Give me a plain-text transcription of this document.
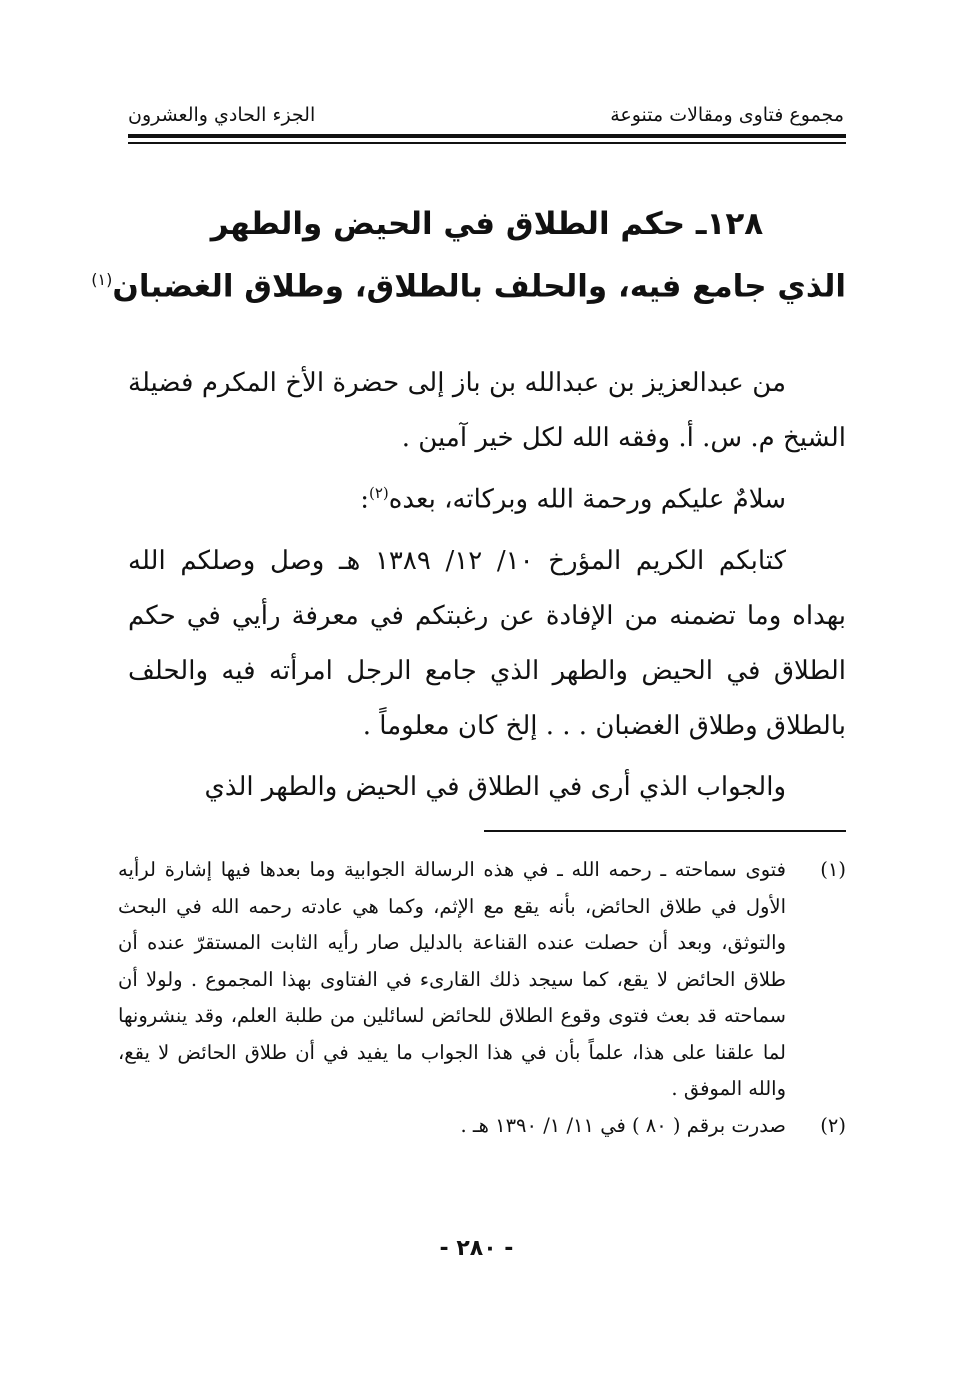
مجموع فتاوى ومقالات متنوعة
الجزء الحادي والعشرون
١٢٨ـ حكم الطلاق في الحيض والطهر
الذي جامع فيه، والحلف بالطلاق، وطلاق الغضبان$^{(١)}$

من عبدالعزيز بن عبدالله بن باز إلى حضرة الأخ المكرم فضيلة الشيخ م. س. أ. وفقه الله لكل خير آمين .

سلامٌ عليكم ورحمة الله وبركاته، بعده$^{(٢)}$:

كتابكم الكريم المؤرخ ١٠/ ١٢/ ١٣٨٩ هـ وصل وصلكم الله بهداه وما تضمنه من الإفادة عن رغبتكم في معرفة رأيي في حكم الطلاق في الحيض والطهر الذي جامع الرجل امرأته فيه والحلف بالطلاق وطلاق الغضبان . . . إلخ كان معلوماً .

والجواب الذي أرى في الطلاق في الحيض والطهر الذي

(١)
فتوى سماحته ـ رحمه الله ـ في هذه الرسالة الجوابية وما بعدها فيها إشارة لرأيه الأول في طلاق الحائض، بأنه يقع مع الإثم، وكما هي عادته رحمه الله في البحث والتوثق، وبعد أن حصلت عنده القناعة بالدليل صار رأيه الثابت المستقرّ عنده أن طلاق الحائض لا يقع، كما سيجد ذلك القارىء في الفتاوى بهذا المجموع . ولولا أن سماحته قد بعث فتوى وقوع الطلاق للحائض لسائلين من طلبة العلم، وقد ينشرونها لما علقنا على هذا، علماً بأن في هذا الجواب ما يفيد في أن طلاق الحائض لا يقع، والله الموفق .
(٢)
صدرت برقم ( ٨٠ ) في ١١/ ١/ ١٣٩٠ هـ .
- ٢٨٠ -
